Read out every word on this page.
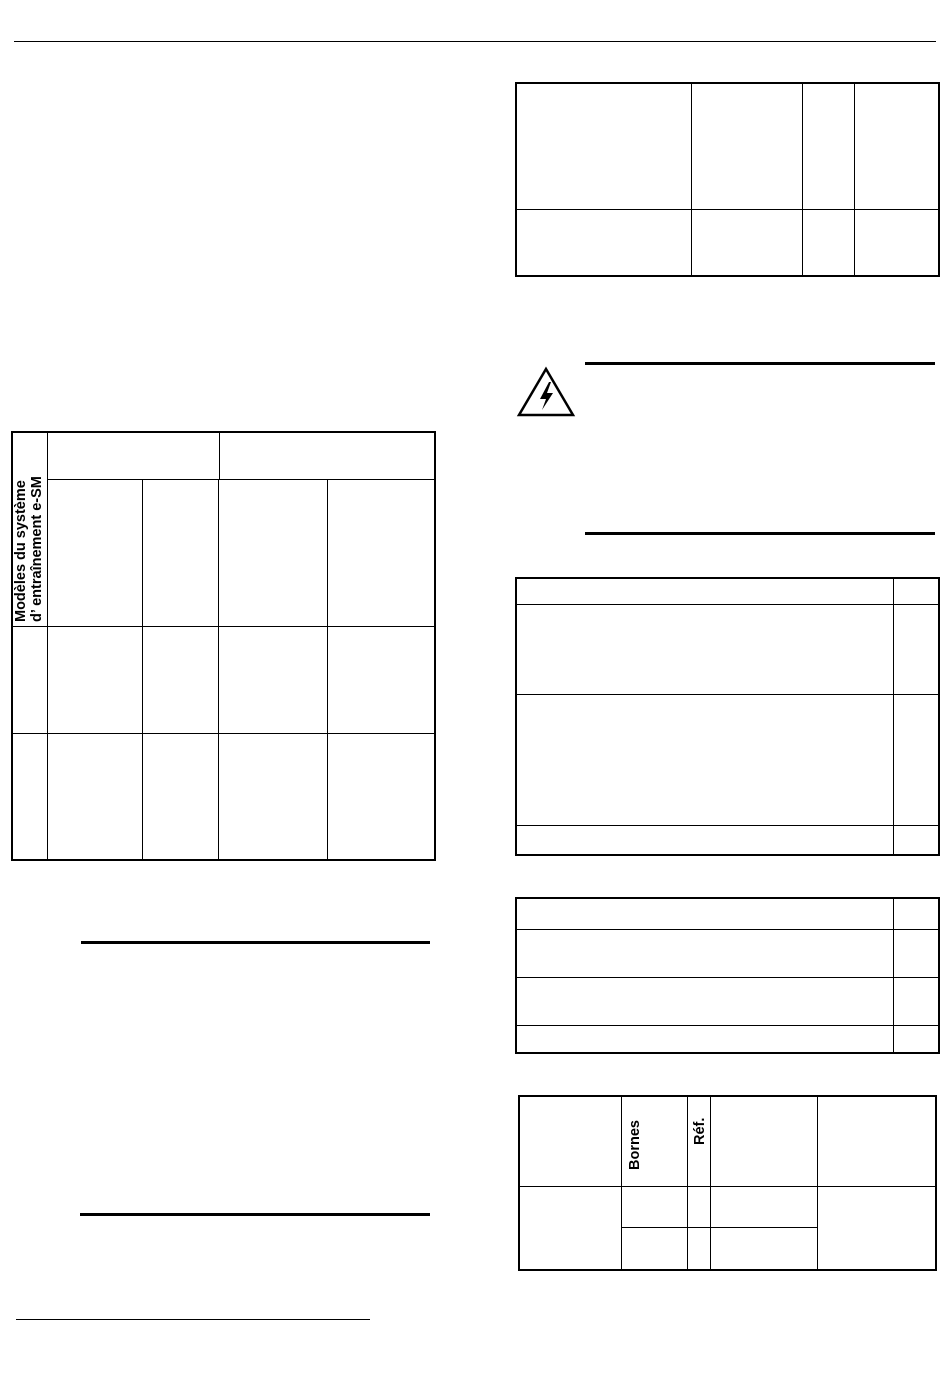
Modèles du système d’ entraînement e-SM
Bornes	Réf.
